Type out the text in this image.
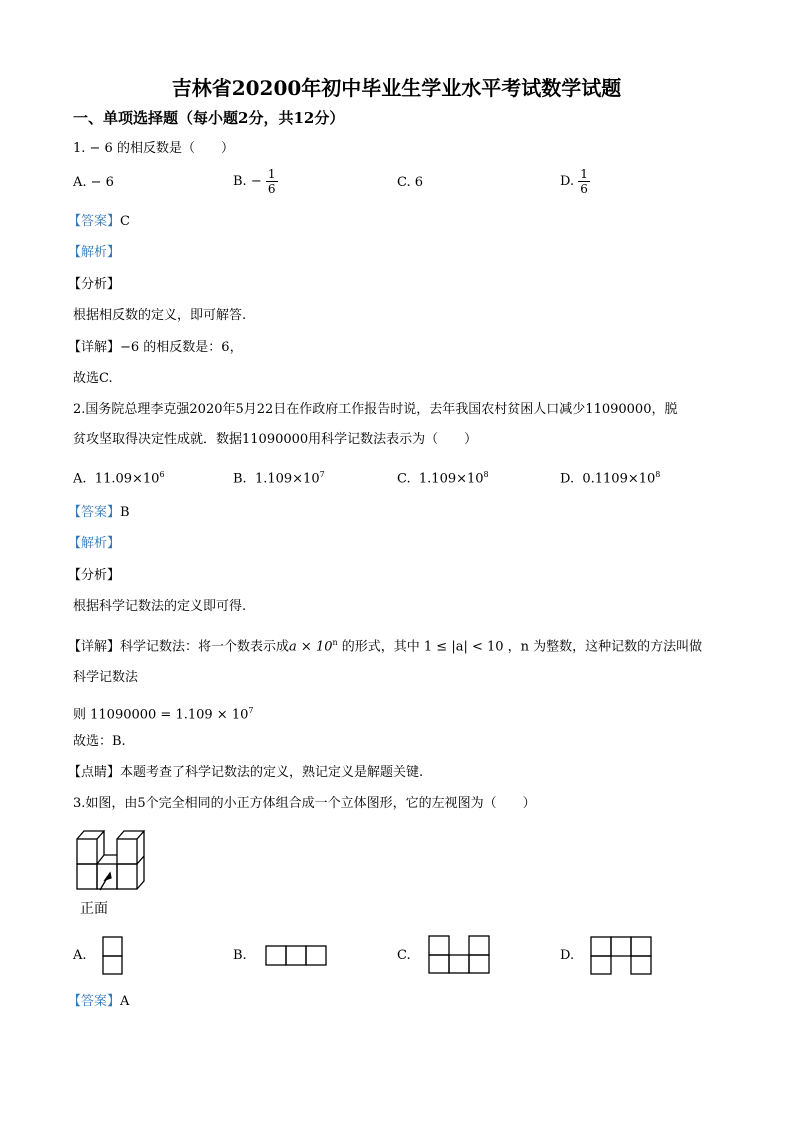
吉林省20200年初中毕业生学业水平考试数学试题
一、单项选择题（每小题2分，共12分）
1. − 6 的相反数是（　　）
A. − 6	B. − $\frac{1}{6}$	C. 6	D. $\frac{1}{6}$
【答案】C
【解析】
【分析】
根据相反数的定义，即可解答.
【详解】−6 的相反数是：6，
故选C.
2.国务院总理李克强2020年5月22日在作政府工作报告时说，去年我国农村贫困人口减少11090000，脱
贫攻坚取得决定性成就．数据11090000用科学记数法表示为（　　）
A. $11.09\times 10^6$	B. $1.109\times 10^7$	C. $1.109\times 10^8$	D. $0.1109\times 10^8$
【答案】B
【解析】
【分析】
根据科学记数法的定义即可得.
【详解】科学记数法：将一个数表示成$a \times 10^n$ 的形式，其中 1 ≤ |a| < 10 ，n 为整数，这种记数的方法叫做
科学记数法
则 $11090000 = 1.109 \times 10^7$
故选：B.
【点睛】本题考查了科学记数法的定义，熟记定义是解题关键.
3.如图，由5个完全相同的小正方体组合成一个立体图形，它的左视图为（　　）
正面
A.	B.	C.	D.
【答案】A
